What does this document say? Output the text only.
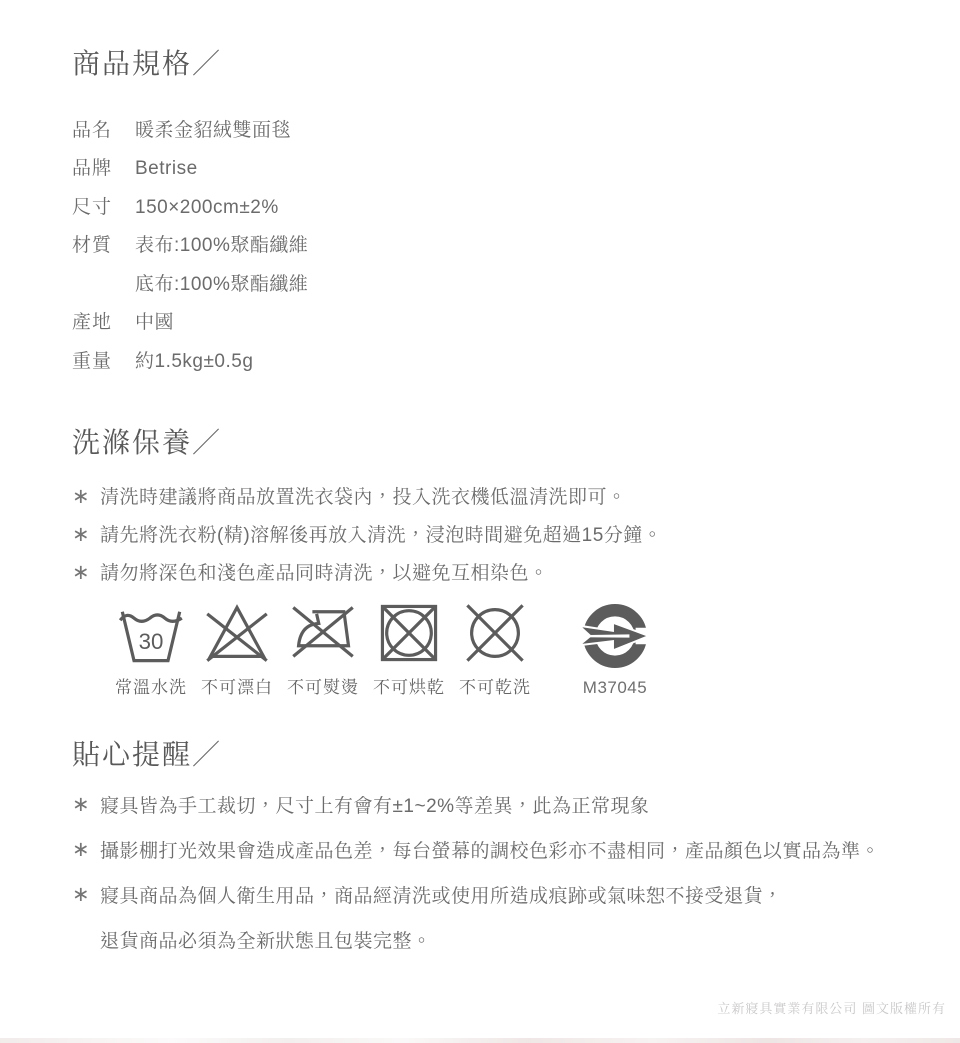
商品規格／
品名	暖柔金貂絨雙面毯
品牌	Betrise
尺寸	150×200cm±2%
材質	表布:100%聚酯纖維
底布:100%聚酯纖維
產地	中國
重量	約1.5kg±0.5g
洗滌保養／
∗ 清洗時建議將商品放置洗衣袋內，投入洗衣機低溫清洗即可。
∗ 請先將洗衣粉(精)溶解後再放入清洗，浸泡時間避免超過15分鐘。
∗ 請勿將深色和淺色產品同時清洗，以避免互相染色。
30
常溫水洗 不可漂白 不可熨燙 不可烘乾 不可乾洗	M37045
貼心提醒／
∗ 寢具皆為手工裁切，尺寸上有會有±1~2%等差異，此為正常現象
∗ 攝影棚打光效果會造成產品色差，每台螢幕的調校色彩亦不盡相同，產品顏色以實品為準。
∗ 寢具商品為個人衛生用品，商品經清洗或使用所造成痕跡或氣味恕不接受退貨，
退貨商品必須為全新狀態且包裝完整。
立新寢具實業有限公司 圖文版權所有
